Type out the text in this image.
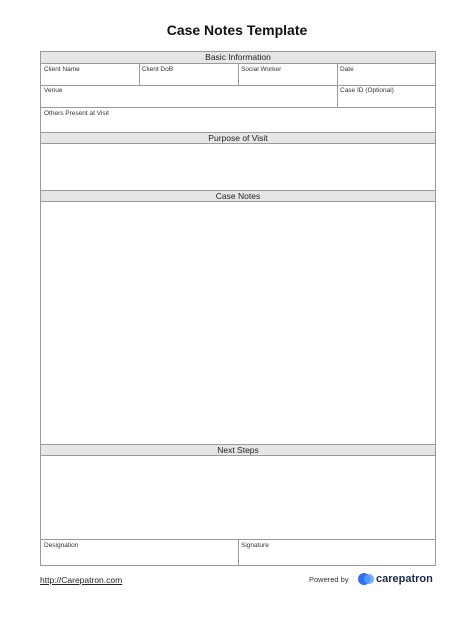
Case Notes Template
Basic Information
Client Name	Client DoB	Social Worker	Date
Venue	Case ID (Optional)
Others Present at Visit
Purpose of Visit
Case Notes
Next Steps
Designation	Signature
http://Carepatron.com	Powered by carepatron
